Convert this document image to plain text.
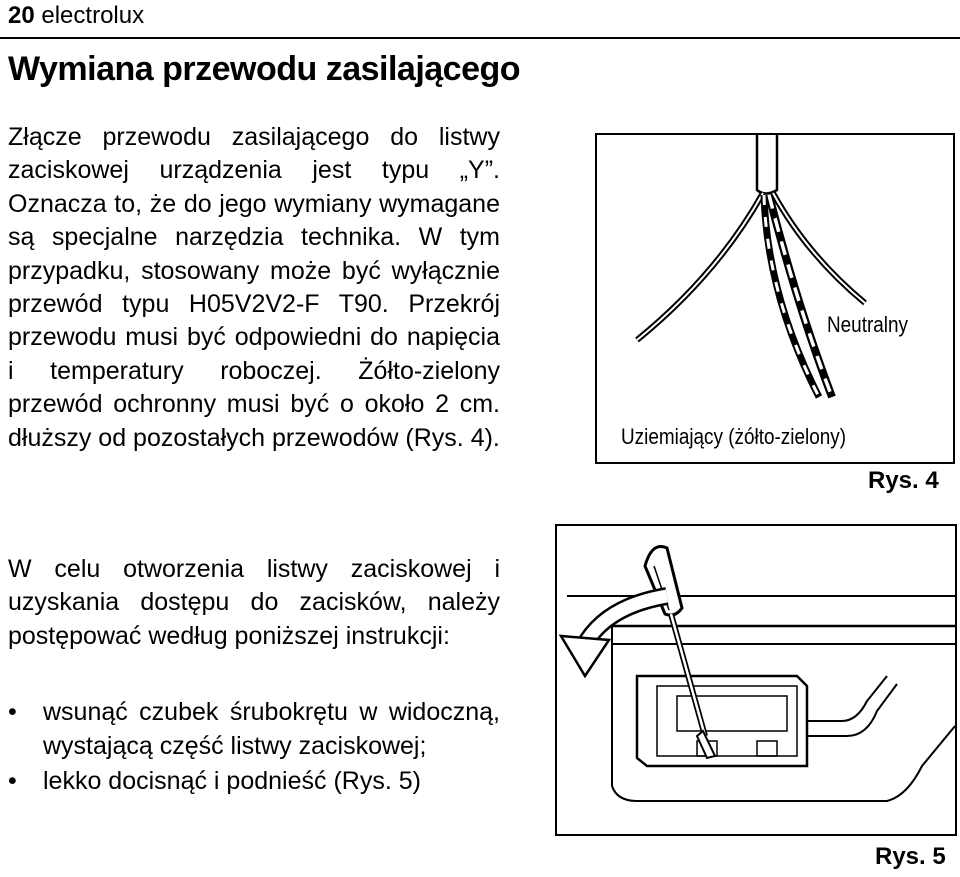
20 electrolux
Wymiana przewodu zasilającego
Złącze przewodu zasilającego do listwy zaciskowej urządzenia jest typu „Y”. Oznacza to, że do jego wymiany wymagane są specjalne narzędzia technika. W tym przypadku, stosowany może być wyłącznie przewód typu H05V2V2-F T90. Przekrój przewodu musi być odpowiedni do napięcia i temperatury roboczej. Żółto-zielony przewód ochronny musi być o około 2 cm. dłuższy od pozostałych przewodów (Rys. 4).
W celu otworzenia listwy zaciskowej i uzyskania dostępu do zacisków, należy postępować według poniższej instrukcji:
• wsunąć czubek śrubokrętu w widoczną, wystającą część listwy zaciskowej;
• lekko docisnąć i podnieść (Rys. 5)
Neutralny
Uziemiający (żółto-zielony)
Rys. 4
Rys. 5
